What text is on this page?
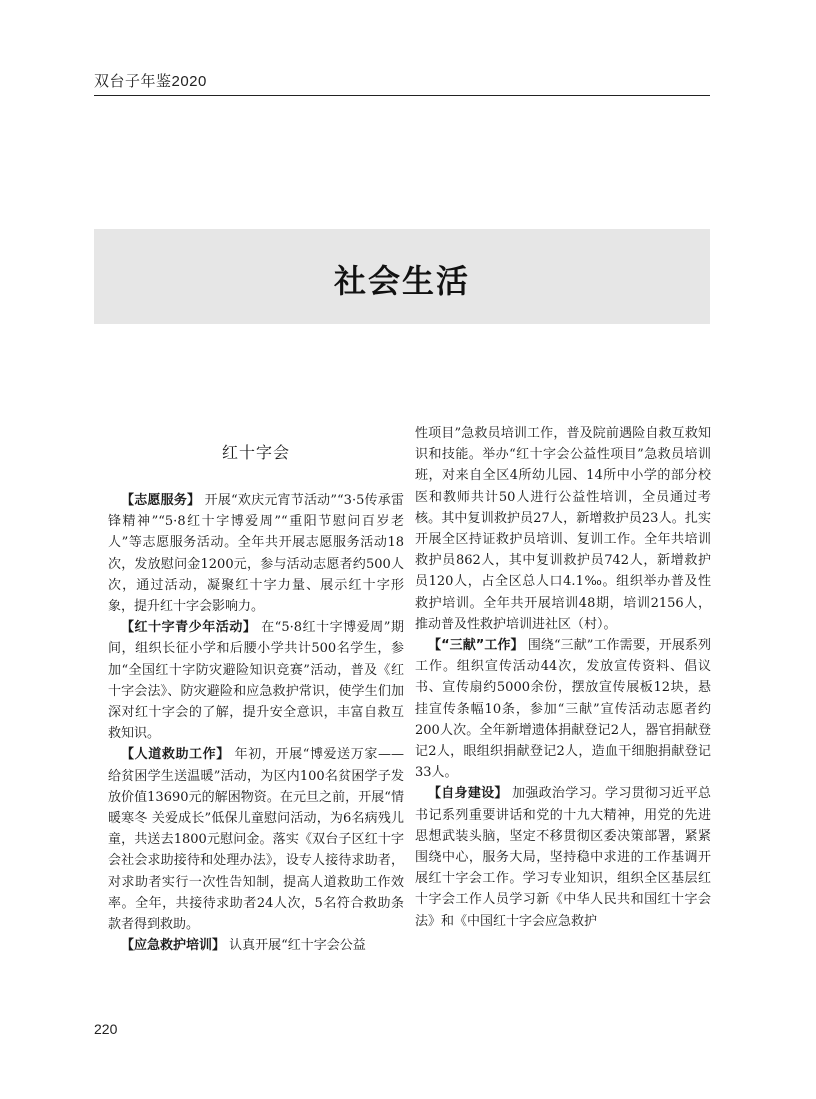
双台子年鉴2020
社会生活
红十字会

【志愿服务】 开展“欢庆元宵节活动”“3·5传承雷锋精神”“5·8红十字博爱周”“重阳节慰问百岁老人”等志愿服务活动。全年共开展志愿服务活动18次，发放慰问金1200元，参与活动志愿者约500人次，通过活动，凝聚红十字力量、展示红十字形象，提升红十字会影响力。

【红十字青少年活动】 在“5·8红十字博爱周”期间，组织长征小学和后腰小学共计500名学生，参加“全国红十字防灾避险知识竞赛”活动，普及《红十字会法》、防灾避险和应急救护常识，使学生们加深对红十字会的了解，提升安全意识，丰富自救互救知识。

【人道救助工作】 年初，开展“博爱送万家——给贫困学生送温暖”活动，为区内100名贫困学子发放价值13690元的解困物资。在元旦之前，开展“情暖寒冬 关爱成长”低保儿童慰问活动，为6名病残儿童，共送去1800元慰问金。落实《双台子区红十字会社会求助接待和处理办法》，设专人接待求助者，对求助者实行一次性告知制，提高人道救助工作效率。全年，共接待求助者24人次，5名符合救助条款者得到救助。

【应急救护培训】 认真开展“红十字会公益

性项目”急救员培训工作，普及院前遇险自救互救知识和技能。举办“红十字会公益性项目”急救员培训班，对来自全区4所幼儿园、14所中小学的部分校医和教师共计50人进行公益性培训，全员通过考核。其中复训救护员27人，新增救护员23人。扎实开展全区持证救护员培训、复训工作。全年共培训救护员862人，其中复训救护员742人，新增救护员120人，占全区总人口4.1‰。组织举办普及性救护培训。全年共开展培训48期，培训2156人，推动普及性救护培训进社区（村）。

【“三献”工作】 围绕“三献”工作需要，开展系列工作。组织宣传活动44次，发放宣传资料、倡议书、宣传扇约5000余份，摆放宣传展板12块，悬挂宣传条幅10条，参加“三献”宣传活动志愿者约200人次。全年新增遗体捐献登记2人，器官捐献登记2人，眼组织捐献登记2人，造血干细胞捐献登记33人。

【自身建设】 加强政治学习。学习贯彻习近平总书记系列重要讲话和党的十九大精神，用党的先进思想武装头脑，坚定不移贯彻区委决策部署，紧紧围绕中心，服务大局，坚持稳中求进的工作基调开展红十字会工作。学习专业知识，组织全区基层红十字会工作人员学习新《中华人民共和国红十字会法》和《中国红十字会应急救护

220
